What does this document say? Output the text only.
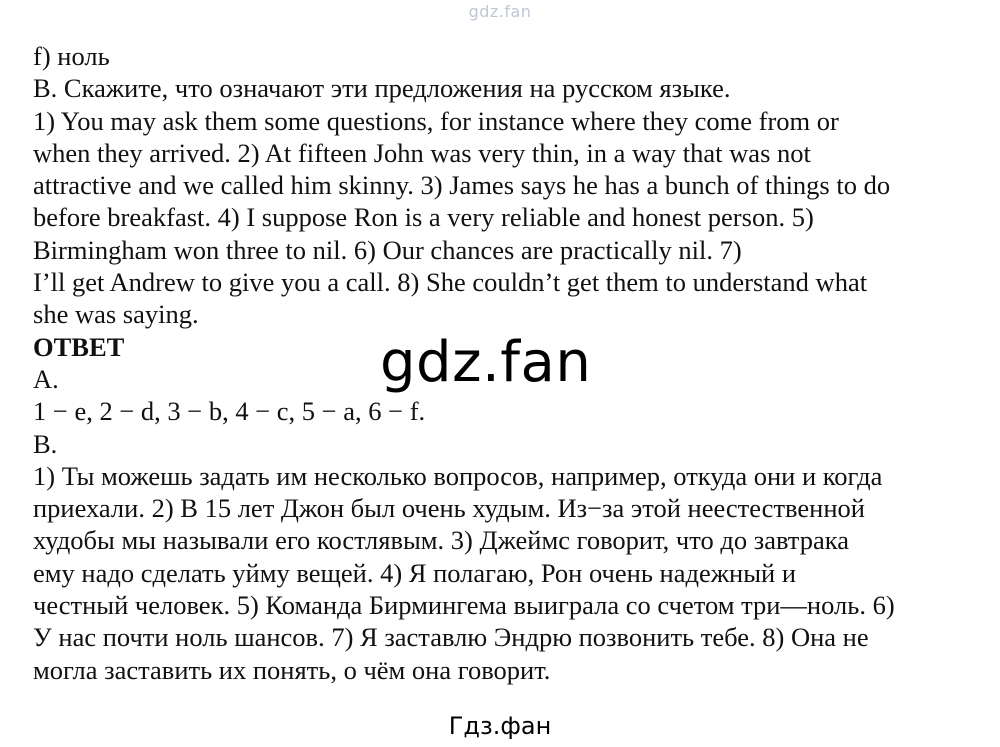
gdz.fan
f) ноль
B. Скажите, что означают эти предложения на русском языке.
1) You may ask them some questions, for instance where they come from or
when they arrived. 2) At fifteen John was very thin, in a way that was not
attractive and we called him skinny. 3) James says he has a bunch of things to do
before breakfast. 4) I suppose Ron is a very reliable and honest person. 5)
Birmingham won three to nil. 6) Our chances are practically nil. 7)
I’ll get Andrew to give you a call. 8) She couldn’t get them to understand what
she was saying.
ОТВЕТ
A.
1 − e, 2 − d, 3 − b, 4 − c, 5 − a, 6 − f.
B.
1) Ты можешь задать им несколько вопросов, например, откуда они и когда
приехали. 2) В 15 лет Джон был очень худым. Из−за этой неестественной
худобы мы называли его костлявым. 3) Джеймс говорит, что до завтрака
ему надо сделать уйму вещей. 4) Я полагаю, Рон очень надежный и
честный человек. 5) Команда Бирмингема выиграла со счетом три—ноль. 6)
У нас почти ноль шансов. 7) Я заставлю Эндрю позвонить тебе. 8) Она не
могла заставить их понять, о чём она говорит.
gdz.fan
Гдз.фан
